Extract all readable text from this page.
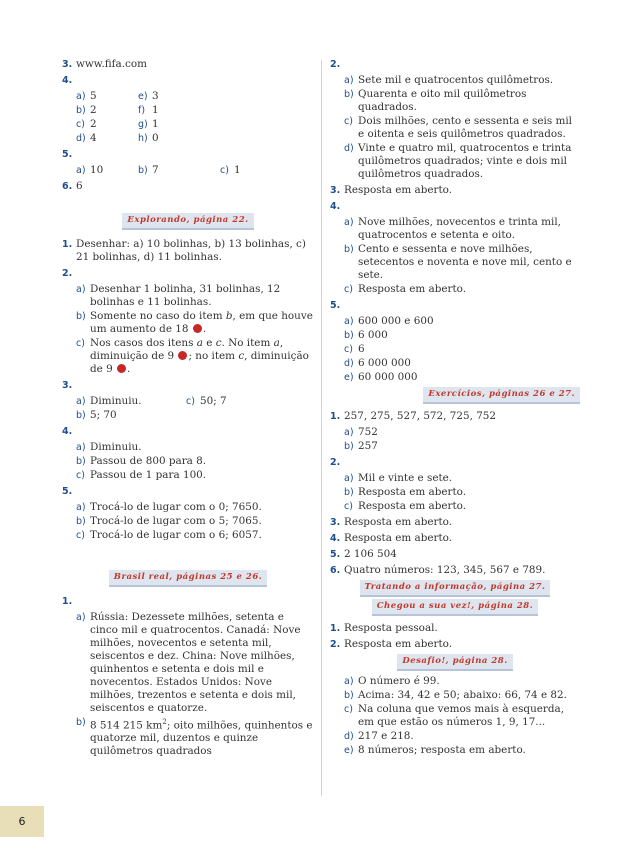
3. www.fifa.com
4.
a) 5	e) 3
b) 2	f) 1
c) 2	g) 1
d) 4	h) 0
5.
a) 10	b) 7	c) 1
6. 6
Explorando, página 22.
1. Desenhar: a) 10 bolinhas, b) 13 bolinhas, c) 21 bolinhas, d) 11 bolinhas.
2.
a) Desenhar 1 bolinha, 31 bolinhas, 12 bolinhas e 11 bolinhas.
b) Somente no caso do item b, em que houve um aumento de 18 .
c) Nos casos dos itens a e c. No item a, diminuição de 9 ; no item c, diminuição de 9 .
3.
a) Diminuiu.	c) 50; 7
b) 5; 70
4.
a) Diminuiu.
b) Passou de 800 para 8.
c) Passou de 1 para 100.
5.
a) Trocá-lo de lugar com o 0; 7650.
b) Trocá-lo de lugar com o 5; 7065.
c) Trocá-lo de lugar com o 6; 6057.
Brasil real, páginas 25 e 26.
1.
a) Rússia: Dezessete milhões, setenta e cinco mil e quatrocentos. Canadá: Nove milhões, novecentos e setenta mil, seiscentos e dez. China: Nove milhões, quinhentos e setenta e dois mil e novecentos. Estados Unidos: Nove milhões, trezentos e setenta e dois mil, seiscentos e quatorze.
b) 8 514 215 $km^2$; oito milhões, quinhentos e quatorze mil, duzentos e quinze quilômetros quadrados
2.
a) Sete mil e quatrocentos quilômetros.
b) Quarenta e oito mil quilômetros quadrados.
c) Dois milhões, cento e sessenta e seis mil e oitenta e seis quilômetros quadrados.
d) Vinte e quatro mil, quatrocentos e trinta quilômetros quadrados; vinte e dois mil quilômetros quadrados.
3. Resposta em aberto.
4.
a) Nove milhões, novecentos e trinta mil, quatrocentos e setenta e oito.
b) Cento e sessenta e nove milhões, setecentos e noventa e nove mil, cento e sete.
c) Resposta em aberto.
5.
a) 600 000 e 600
b) 6 000
c) 6
d) 6 000 000
e) 60 000 000
Exercícios, páginas 26 e 27.
1. 257, 275, 527, 572, 725, 752
a) 752
b) 257
2.
a) Mil e vinte e sete.
b) Resposta em aberto.
c) Resposta em aberto.
3. Resposta em aberto.
4. Resposta em aberto.
5. 2 106 504
6. Quatro números: 123, 345, 567 e 789.
Tratando a informação, página 27.
Chegou a sua vez!, página 28.
1. Resposta pessoal.
2. Resposta em aberto.
Desafio!, página 28.
a) O número é 99.
b) Acima: 34, 42 e 50; abaixo: 66, 74 e 82.
c) Na coluna que vemos mais à esquerda, em que estão os números 1, 9, 17...
d) 217 e 218.
e) 8 números; resposta em aberto.
6
